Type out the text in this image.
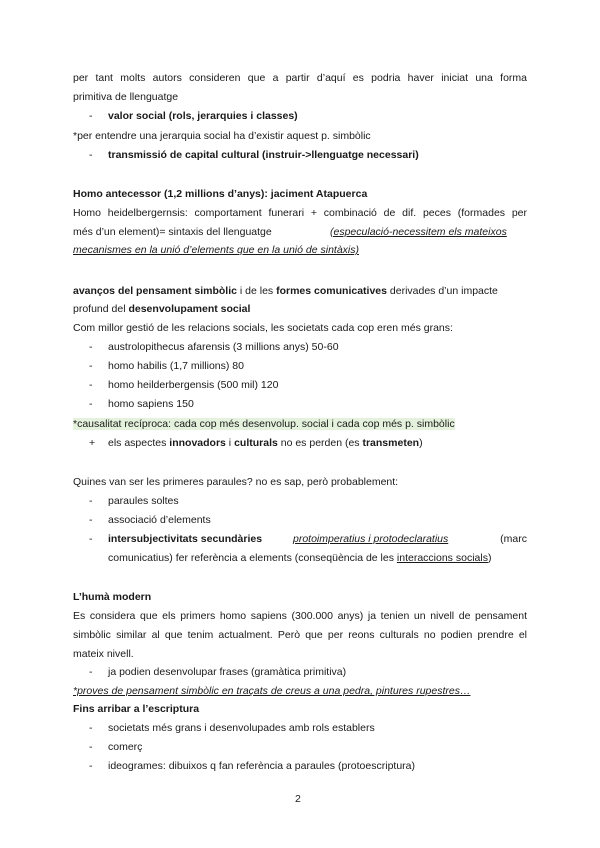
per tant molts autors consideren que a partir d’aquí es podria haver iniciat una forma
primitiva de llenguatge
- valor social (rols, jerarquies i classes)
*per entendre una jerarquia social ha d’existir aquest p. simbòlic
- transmissió de capital cultural (instruir->llenguatge necessari)
Homo antecessor (1,2 millions d’anys): jaciment Atapuerca
Homo heidelbergernsis: comportament funerari + combinació de dif. peces (formades per
més d’un element)= sintaxis del llenguatge	(especulació-necessitem els mateixos
mecanismes en la unió d’elements que en la unió de sintàxis)
avanços del pensament simbòlic i de les formes comunicatives derivades d’un impacte
profund del desenvolupament social
Com millor gestió de les relacions socials, les societats cada cop eren més grans:
- austrolopithecus afarensis (3 millions anys) 50-60
- homo habilis (1,7 millions) 80
- homo heilderbergensis (500 mil) 120
- homo sapiens 150
*causalitat recíproca: cada cop més desenvolup. social i cada cop més p. simbòlic
+ els aspectes innovadors i culturals no es perden (es transmeten)
Quines van ser les primeres paraules? no es sap, però probablement:
- paraules soltes
- associació d’elements
- intersubjectivitats secundàries	protoimperatius i protodeclaratius	(marc
comunicatius) fer referència a elements (conseqüència de les interaccions socials)
L’humà modern
Es considera que els primers homo sapiens (300.000 anys) ja tenien un nivell de pensament
simbòlic similar al que tenim actualment. Però que per reons culturals no podien prendre el
mateix nivell.
- ja podien desenvolupar frases (gramàtica primitiva)
*proves de pensament simbòlic en traçats de creus a una pedra, pintures rupestres…
Fins arribar a l’escriptura
- societats més grans i desenvolupades amb rols establers
- comerç
- ideogrames: dibuixos q fan referència a paraules (protoescriptura)
2
